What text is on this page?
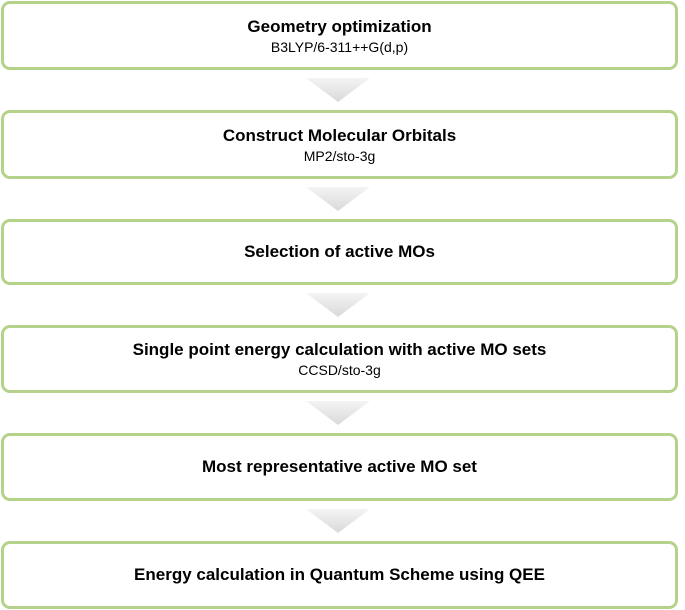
Geometry optimization
B3LYP/6-311++G(d,p)
Construct Molecular Orbitals
MP2/sto-3g
Selection of active MOs
Single point energy calculation with active MO sets
CCSD/sto-3g
Most representative active MO set
Energy calculation in Quantum Scheme using QEE
